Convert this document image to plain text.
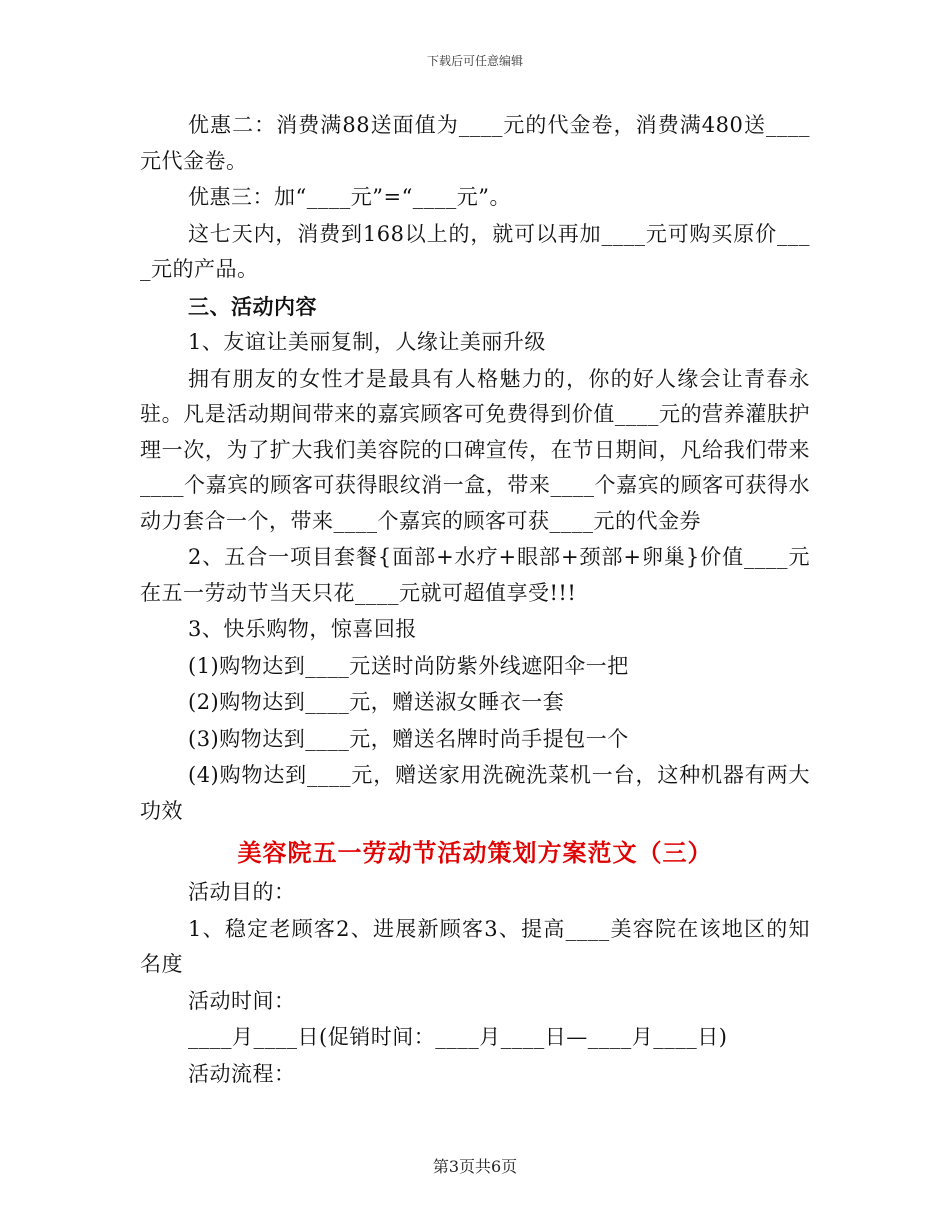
下载后可任意编辑

优惠二：消费满88送面值为____元的代金卷，消费满480送____元代金卷。

优惠三：加“____元”=“____元”。

这七天内，消费到168以上的，就可以再加____元可购买原价____元的产品。

三、活动内容

1、友谊让美丽复制，人缘让美丽升级

拥有朋友的女性才是最具有人格魅力的，你的好人缘会让青春永驻。凡是活动期间带来的嘉宾顾客可免费得到价值____元的营养灌肤护理一次，为了扩大我们美容院的口碑宣传，在节日期间，凡给我们带来____个嘉宾的顾客可获得眼纹消一盒，带来____个嘉宾的顾客可获得水动力套合一个，带来____个嘉宾的顾客可获____元的代金券

2、五合一项目套餐{面部+水疗+眼部+颈部+卵巢}价值____元在五一劳动节当天只花____元就可超值享受!!!

3、快乐购物，惊喜回报

(1)购物达到____元送时尚防紫外线遮阳伞一把

(2)购物达到____元，赠送淑女睡衣一套

(3)购物达到____元，赠送名牌时尚手提包一个

(4)购物达到____元，赠送家用洗碗洗菜机一台，这种机器有两大功效

美容院五一劳动节活动策划方案范文（三）

活动目的：

1、稳定老顾客2、进展新顾客3、提高____美容院在该地区的知名度

活动时间：

____月____日(促销时间：____月____日—____月____日)

活动流程：

第3页共6页
